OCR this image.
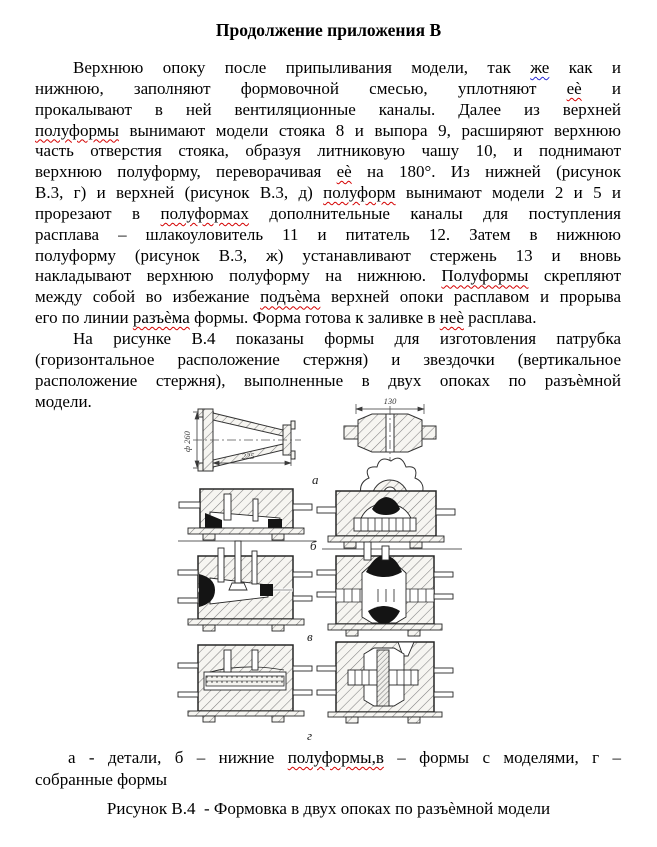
Продолжение приложения В
Верхнюю опоку после припыливания модели, так же как и
нижнюю, заполняют формовочной смесью, уплотняют еѐ и
прокалывают в ней вентиляционные каналы. Далее из верхней
полуформы вынимают модели стояка 8 и выпора 9, расширяют верхнюю
часть отверстия стояка, образуя литниковую чашу 10, и поднимают
верхнюю полуформу, переворачивая еѐ на 180°. Из нижней (рисунок
В.3, г) и верхней (рисунок В.3, д) полуформ вынимают модели 2 и 5 и
прорезают в полуформах дополнительные каналы для поступления
расплава – шлакоуловитель 11 и питатель 12. Затем в нижнюю
полуформу (рисунок В.3, ж) устанавливают стержень 13 и вновь
накладывают верхнюю полуформу на нижнюю. Полуформы скрепляют
между собой во избежание подъѐма верхней опоки расплавом и прорыва
его по линии разъѐма формы. Форма готова к заливке в неѐ расплава.
На рисунке В.4 показаны формы для изготовления патрубка
(горизонтальное расположение стержня) и звездочки (вертикальное
расположение стержня), выполненные в двух опоках по разъѐмной
модели.
ф 260
225
130
а
б
в
г
а - детали, б – нижние полуформы,в – формы с моделями, г –
собранные формы
Рисунок В.4  - Формовка в двух опоках по разъѐмной модели
